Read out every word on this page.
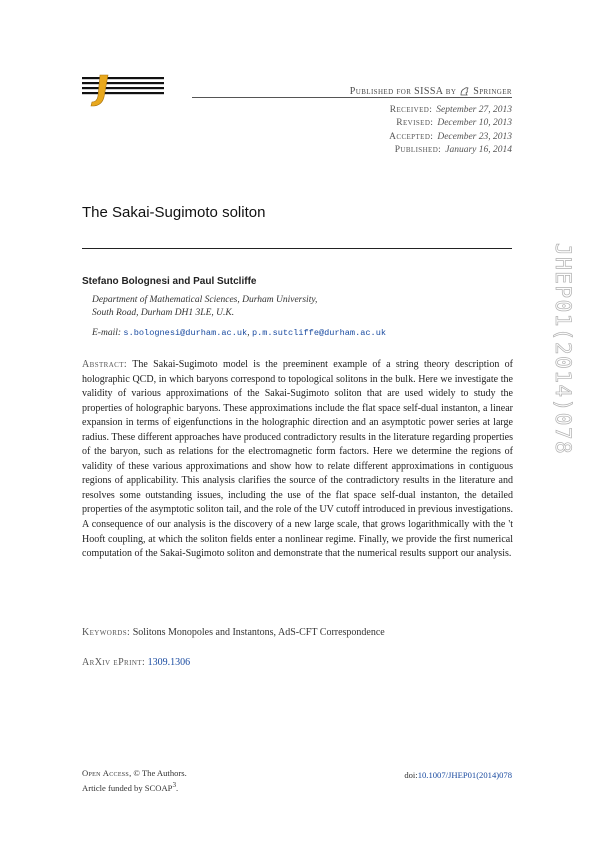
Published for SISSA by Springer
Received: September 27, 2013
Revised: December 10, 2013
Accepted: December 23, 2013
Published: January 16, 2014
The Sakai-Sugimoto soliton
Stefano Bolognesi and Paul Sutcliffe
Department of Mathematical Sciences, Durham University,
South Road, Durham DH1 3LE, U.K.
E-mail: s.bolognesi@durham.ac.uk, p.m.sutcliffe@durham.ac.uk
Abstract: The Sakai-Sugimoto model is the preeminent example of a string theory description of holographic QCD, in which baryons correspond to topological solitons in the bulk. Here we investigate the validity of various approximations of the Sakai-Sugimoto soliton that are used widely to study the properties of holographic baryons. These approximations include the flat space self-dual instanton, a linear expansion in terms of eigenfunctions in the holographic direction and an asymptotic power series at large radius. These different approaches have produced contradictory results in the literature regarding properties of the baryon, such as relations for the electromagnetic form factors. Here we determine the regions of validity of these various approximations and show how to relate different approximations in contiguous regions of applicability. This analysis clarifies the source of the contradictory results in the literature and resolves some outstanding issues, including the use of the flat space self-dual instanton, the detailed properties of the asymptotic soliton tail, and the role of the UV cutoff introduced in previous investigations. A consequence of our analysis is the discovery of a new large scale, that grows logarithmically with the 't Hooft coupling, at which the soliton fields enter a nonlinear regime. Finally, we provide the first numerical computation of the Sakai-Sugimoto soliton and demonstrate that the numerical results support our analysis.
Keywords: Solitons Monopoles and Instantons, AdS-CFT Correspondence
ArXiv ePrint: 1309.1306
Open Access, © The Authors.
Article funded by SCOAP$^3$.
doi:10.1007/JHEP01(2014)078
JHEP01(2014)078
